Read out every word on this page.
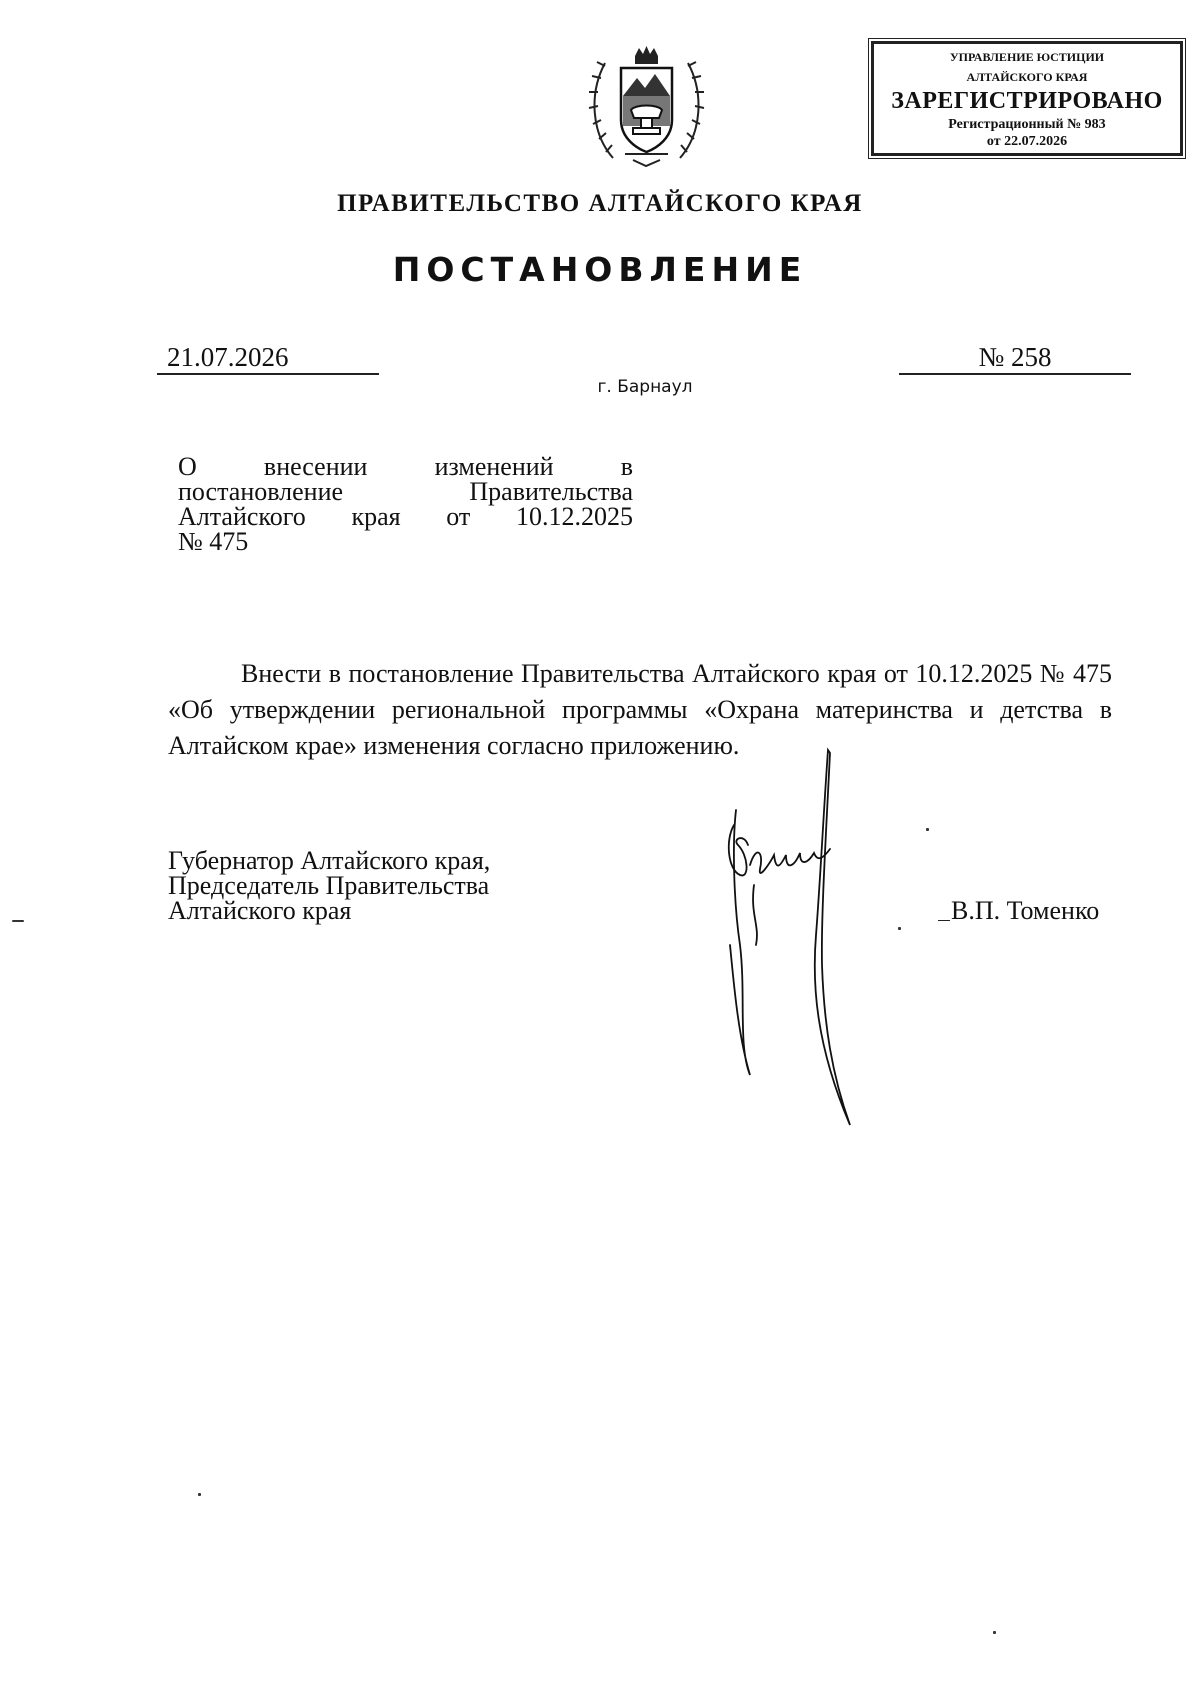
УПРАВЛЕНИЕ ЮСТИЦИИ
АЛТАЙСКОГО КРАЯ
ЗАРЕГИСТРИРОВАНО
Регистрационный № 983
от 22.07.2026
ПРАВИТЕЛЬСТВО АЛТАЙСКОГО КРАЯ
ПОСТАНОВЛЕНИЕ
21.07.2026	№ 258
г. Барнаул
О внесении изменений в
постановление Правительства
Алтайского края от 10.12.2025
№ 475
Внести в постановление Правительства Алтайского края от 10.12.2025 № 475 «Об утверждении региональной программы «Охрана материнства и детства в Алтайском крае» изменения согласно приложению.
Губернатор Алтайского края,
Председатель Правительства
Алтайского края	В.П. Томенко
